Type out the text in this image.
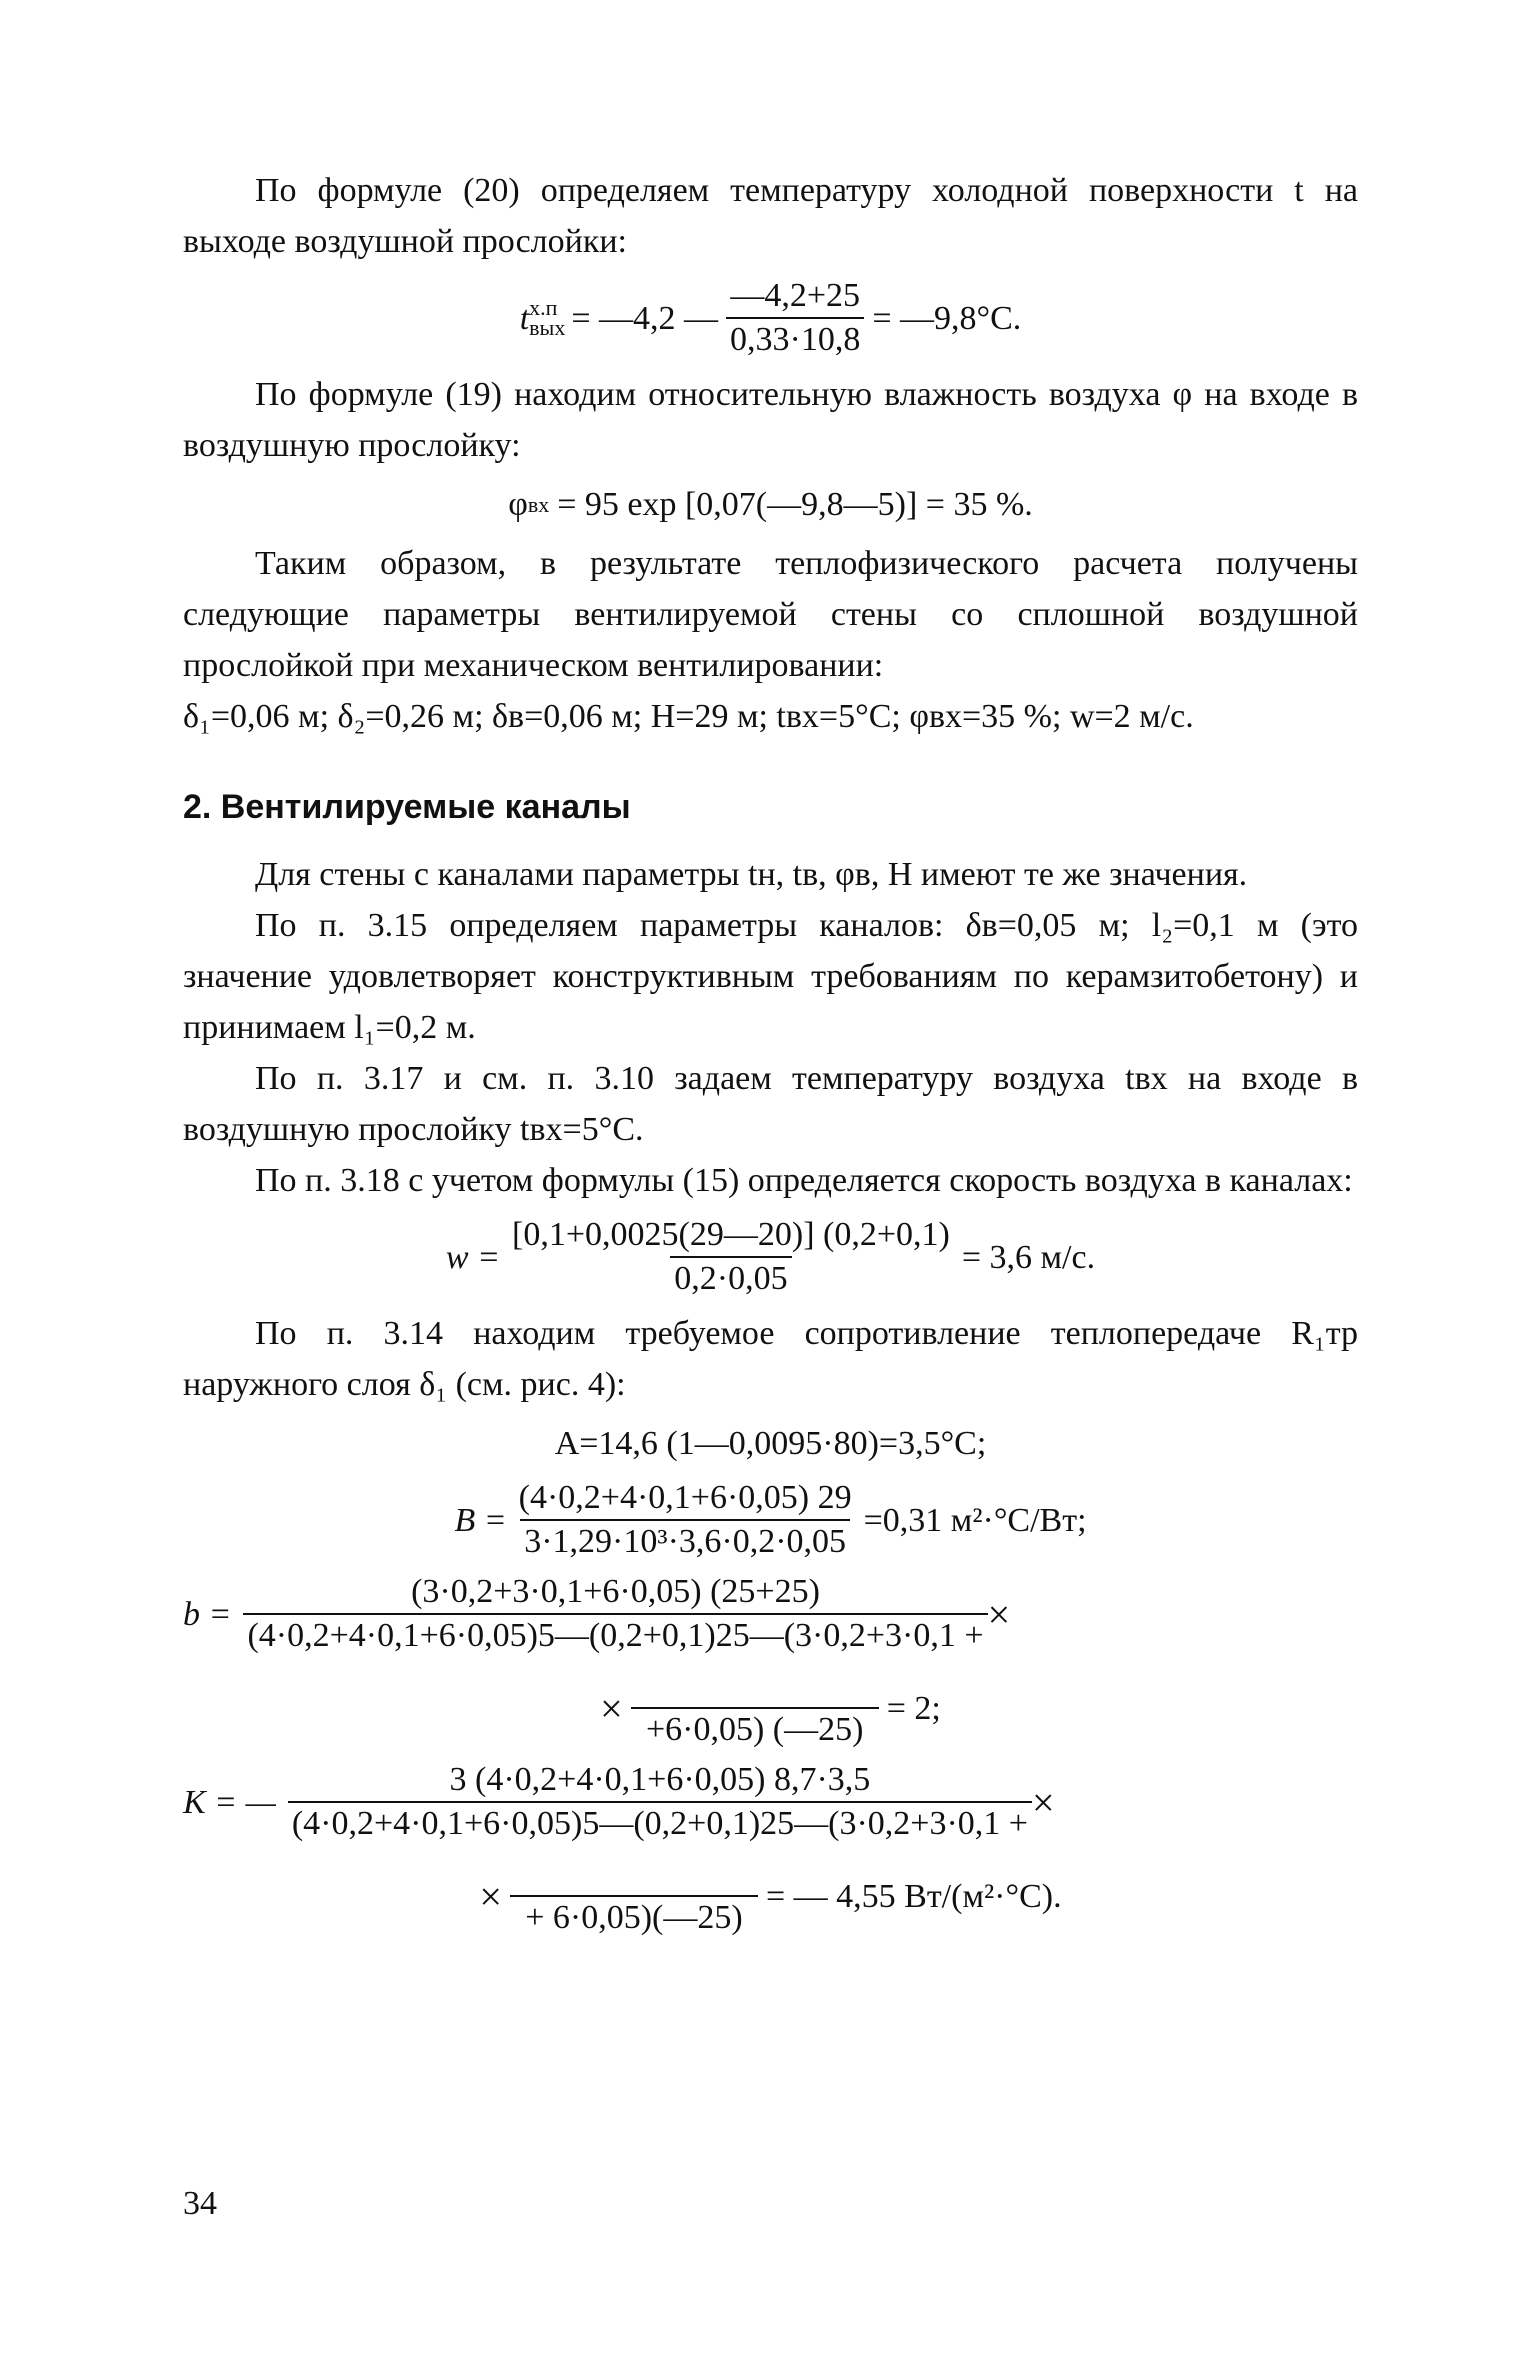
По формуле (20) определяем температуру холодной поверхности t на выходе воздушной прослойки:

t х.п
вых = —4,2 — $\frac{—4,2+25}{0,33\cdot 10,8}$ = —9,8°С.

По формуле (19) находим относительную влажность воздуха φ на входе в воздушную прослойку:

φ вх = 95 exp [0,07(—9,8—5)] = 35 %.

Таким образом, в результате теплофизического расчета получены следующие параметры вентилируемой стены со сплошной воздушной прослойкой при механическом вентилировании:

δ₁=0,06 м; δ₂=0,26 м; δв=0,06 м; H=29 м; tвх=5°С; φвх=35 %; w=2 м/с.

2. Вентилируемые каналы

Для стены с каналами параметры tн, tв, φв, H имеют те же значения.

По п. 3.15 определяем параметры каналов: δв=0,05 м; l₂=0,1 м (это значение удовлетворяет конструктивным требованиям по керамзитобетону) и принимаем l₁=0,2 м.

По п. 3.17 и см. п. 3.10 задаем температуру воздуха tвх на входе в воздушную прослойку tвх=5°С.

По п. 3.18 с учетом формулы (15) определяется скорость воздуха в каналах:

$w = \frac{[0,1+0,0025(29—20)] (0,2+0,1)}{0,2\cdot 0,05} = 3,6$ м/с.

По п. 3.14 находим требуемое сопротивление теплопередаче R₁тр наружного слоя δ₁ (см. рис. 4):

A=14,6 (1—0,0095·80)=3,5°С;
$B = \frac{(4\cdot 0,2+4\cdot 0,1+6\cdot 0,05) 29}{\text{3·1,29·10³·3,6·0,2·0,05}} =0,31$ м²·°С/Вт;
$b = \frac{(3\cdot 0,2+3\cdot 0,1+6\cdot 0,05) (25+25)}{(4\cdot 0,2+4\cdot 0,1+6\cdot 0,05)5—(0,2+0,1)25—(3\cdot 0,2+3\cdot 0,1 +}$ ×
×
+6·0,05) (—25)
= 2;
K = — $\frac{3 (4\cdot 0,2+4\cdot 0,1+6\cdot 0,05) 8,7\cdot 3,5}{(4\cdot 0,2+4\cdot 0,1+6\cdot 0,05)5—(0,2+0,1)25—(3\cdot 0,2+3\cdot 0,1 +}$ ×
×
+ 6·0,05)(—25)
= — 4,55 Вт/(м²·°С).
34
